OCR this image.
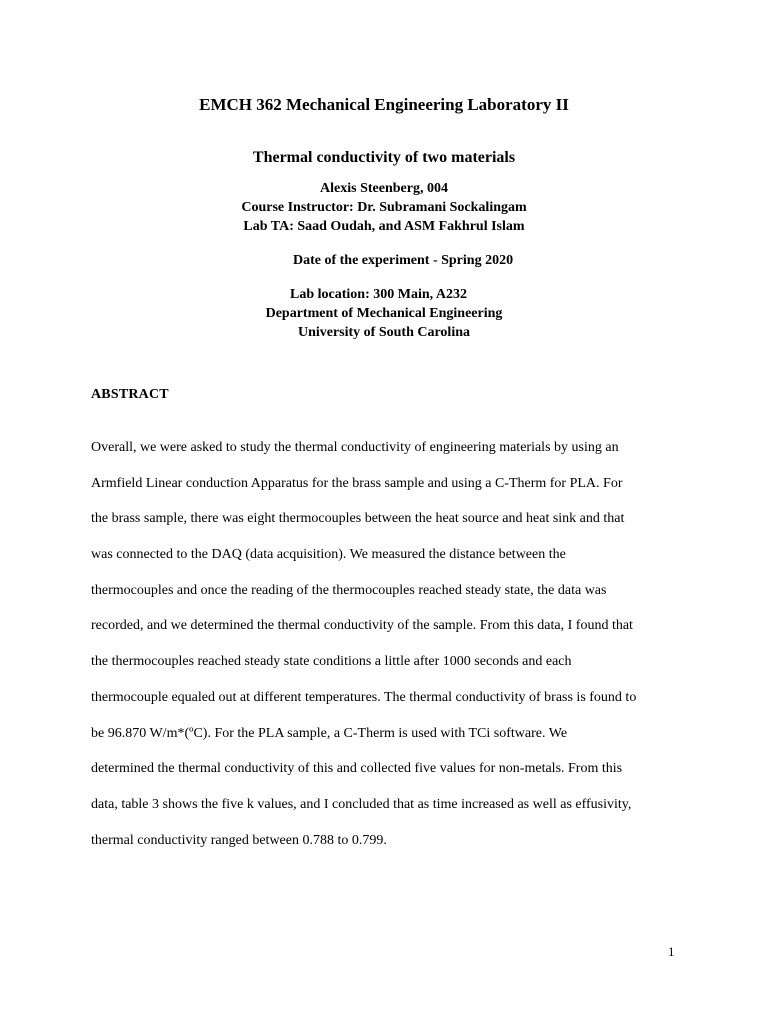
EMCH 362 Mechanical Engineering Laboratory II
Thermal conductivity of two materials
Alexis Steenberg, 004
Course Instructor: Dr. Subramani Sockalingam
Lab TA: Saad Oudah, and ASM Fakhrul Islam
Date of the experiment - Spring 2020
Lab location: 300 Main, A232
Department of Mechanical Engineering
University of South Carolina
ABSTRACT
Overall, we were asked to study the thermal conductivity of engineering materials by using an
Armfield Linear conduction Apparatus for the brass sample and using a C-Therm for PLA. For
the brass sample, there was eight thermocouples between the heat source and heat sink and that
was connected to the DAQ (data acquisition). We measured the distance between the
thermocouples and once the reading of the thermocouples reached steady state, the data was
recorded, and we determined the thermal conductivity of the sample. From this data, I found that
the thermocouples reached steady state conditions a little after 1000 seconds and each
thermocouple equaled out at different temperatures. The thermal conductivity of brass is found to
be 96.870 W/m*(ºC). For the PLA sample, a C-Therm is used with TCi software. We
determined the thermal conductivity of this and collected five values for non-metals. From this
data, table 3 shows the five k values, and I concluded that as time increased as well as effusivity,
thermal conductivity ranged between 0.788 to 0.799.
1
